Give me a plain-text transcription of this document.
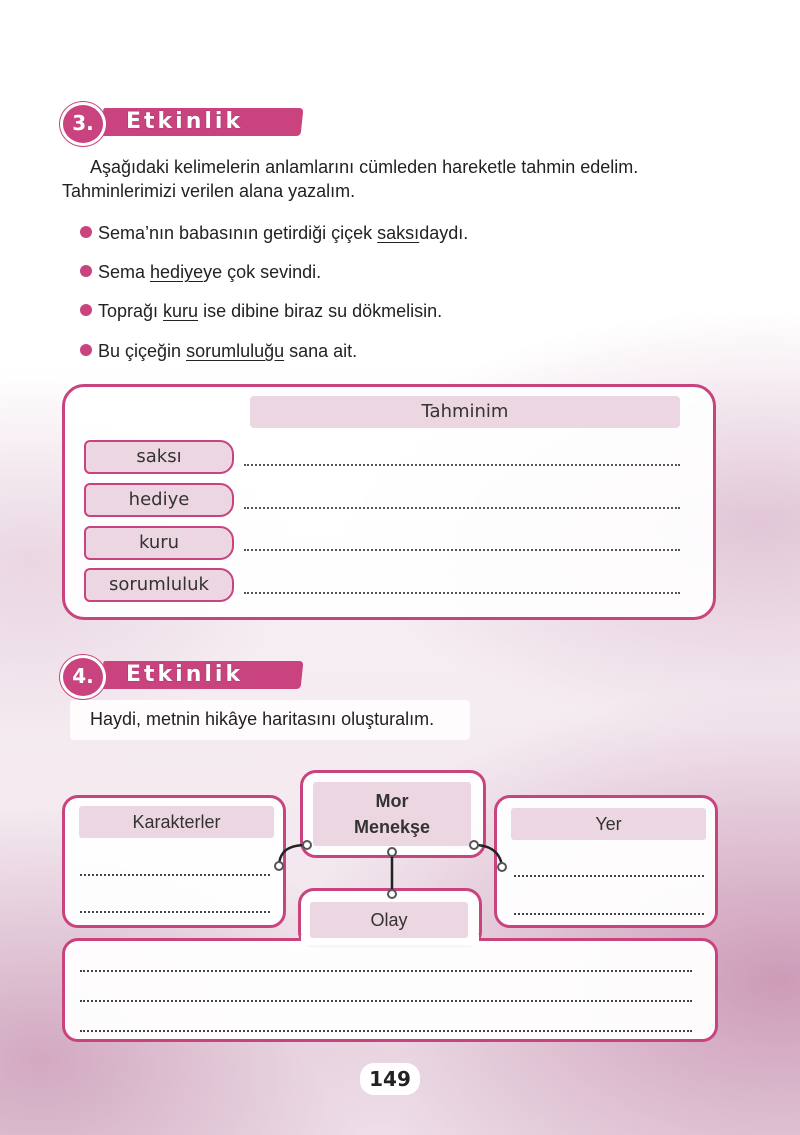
3.	Etkinlik
Aşağıdaki kelimelerin anlamlarını cümleden hareketle tahmin edelim.
Tahminlerimizi verilen alana yazalım.
Sema’nın babasının getirdiği çiçek saksıdaydı.
Sema hediyeye çok sevindi.
Toprağı kuru ise dibine biraz su dökmelisin.
Bu çiçeğin sorumluluğu sana ait.
Tahminim
saksı
hediye
kuru
sorumluluk
4.	Etkinlik
Haydi, metnin hikâye haritasını oluşturalım.
Karakterler
Mor
Menekşe	Yer
Olay
149
